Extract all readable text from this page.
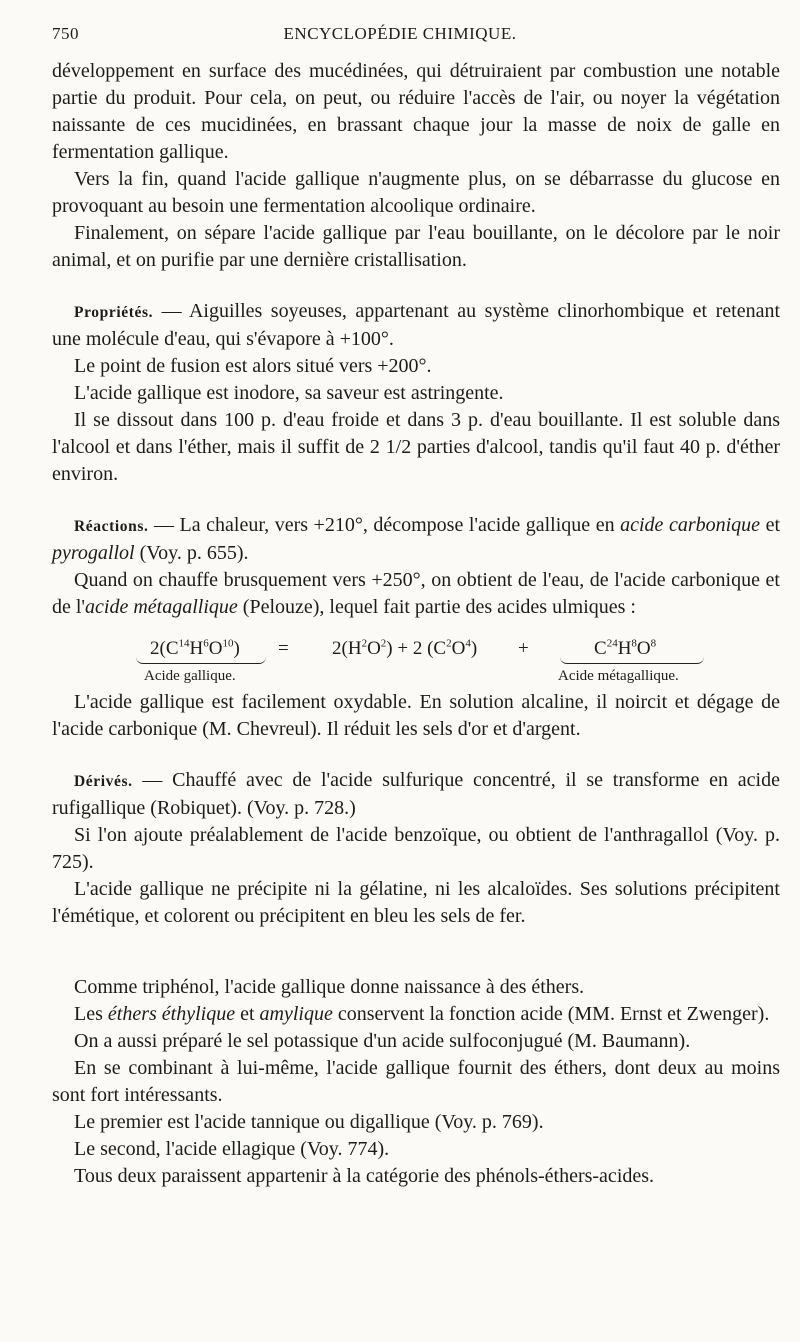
750	ENCYCLOPÉDIE CHIMIQUE.

développement en surface des mucédinées, qui détruiraient par combustion une notable partie du produit. Pour cela, on peut, ou réduire l'accès de l'air, ou noyer la végétation naissante de ces mucidinées, en brassant chaque jour la masse de noix de galle en fermentation gallique.

Vers la fin, quand l'acide gallique n'augmente plus, on se débarrasse du glucose en provoquant au besoin une fermentation alcoolique ordinaire.

Finalement, on sépare l'acide gallique par l'eau bouillante, on le décolore par le noir animal, et on purifie par une dernière cristallisation.

Propriétés. — Aiguilles soyeuses, appartenant au système clinorhombique et retenant une molécule d'eau, qui s'évapore à +100°.

Le point de fusion est alors situé vers +200°.

L'acide gallique est inodore, sa saveur est astringente.

Il se dissout dans 100 p. d'eau froide et dans 3 p. d'eau bouillante. Il est soluble dans l'alcool et dans l'éther, mais il suffit de 2 1/2 parties d'alcool, tandis qu'il faut 40 p. d'éther environ.

Réactions. — La chaleur, vers +210°, décompose l'acide gallique en acide carbonique et pyrogallol (Voy. p. 655).

Quand on chauffe brusquement vers +250°, on obtient de l'eau, de l'acide carbonique et de l'acide métagallique (Pelouze), lequel fait partie des acides ulmiques :

$2(C^{14}H^6O^{10}) = 2(H^2O^2) + 2$ $(C^2O^4)$ +	$C^{24}H^8O^8$
Acide gallique.	Acide métagallique.

L'acide gallique est facilement oxydable. En solution alcaline, il noircit et dégage de l'acide carbonique (M. Chevreul). Il réduit les sels d'or et d'argent.

Dérivés. — Chauffé avec de l'acide sulfurique concentré, il se transforme en acide rufigallique (Robiquet). (Voy. p. 728.)

Si l'on ajoute préalablement de l'acide benzoïque, ou obtient de l'anthragallol (Voy. p. 725).

L'acide gallique ne précipite ni la gélatine, ni les alcaloïdes. Ses solutions précipitent l'émétique, et colorent ou précipitent en bleu les sels de fer.

Comme triphénol, l'acide gallique donne naissance à des éthers.

Les éthers éthylique et amylique conservent la fonction acide (MM. Ernst et Zwenger).

On a aussi préparé le sel potassique d'un acide sulfoconjugué (M. Baumann).

En se combinant à lui-même, l'acide gallique fournit des éthers, dont deux au moins sont fort intéressants.

Le premier est l'acide tannique ou digallique (Voy. p. 769).

Le second, l'acide ellagique (Voy. 774).

Tous deux paraissent appartenir à la catégorie des phénols-éthers-acides.
